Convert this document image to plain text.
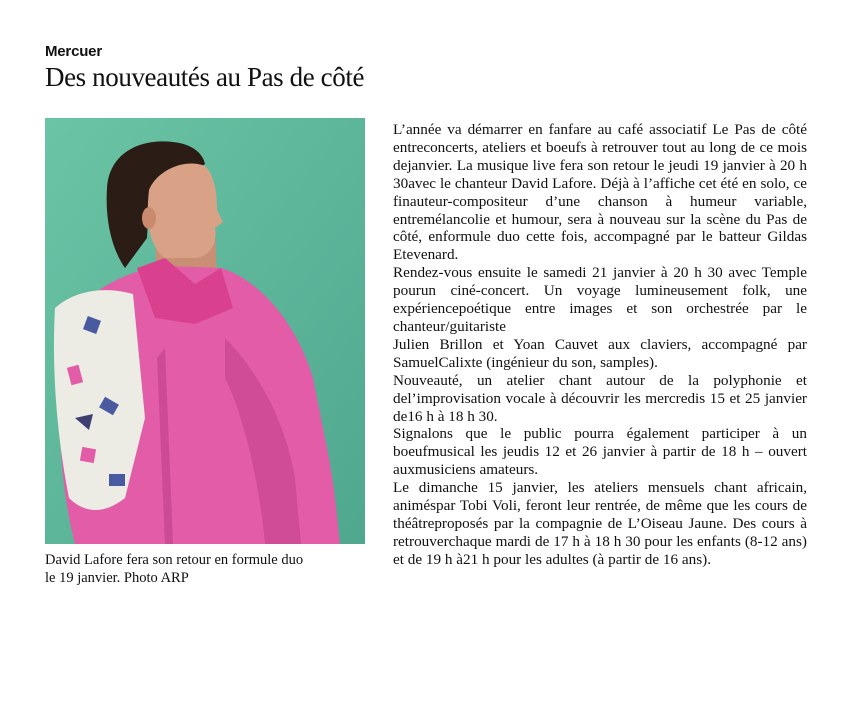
Mercuer
Des nouveautés au Pas de côté
David Lafore fera son retour en formule duo
le 19 janvier. Photo ARP

L’année va démarrer en fanfare au café associatif Le Pas de côté entreconcerts, ateliers et boeufs à retrouver tout au long de ce mois dejanvier. La musique live fera son retour le jeudi 19 janvier à 20 h 30avec le chanteur David Lafore. Déjà à l’affiche cet été en solo, ce finauteur-compositeur d’une chanson à humeur variable, entremélancolie et humour, sera à nouveau sur la scène du Pas de côté, enformule duo cette fois, accompagné par le batteur Gildas Etevenard.

Rendez-vous ensuite le samedi 21 janvier à 20 h 30 avec Temple pourun ciné-concert. Un voyage lumineusement folk, une expériencepoétique entre images et son orchestrée par le chanteur/guitariste

Julien Brillon et Yoan Cauvet aux claviers, accompagné par SamuelCalixte (ingénieur du son, samples).

Nouveauté, un atelier chant autour de la polyphonie et del’improvisation vocale à découvrir les mercredis 15 et 25 janvier de16 h à 18 h 30.

Signalons que le public pourra également participer à un boeufmusical les jeudis 12 et 26 janvier à partir de 18 h – ouvert auxmusiciens amateurs.

Le dimanche 15 janvier, les ateliers mensuels chant africain, animéspar Tobi Voli, feront leur rentrée, de même que les cours de théâtreproposés par la compagnie de L’Oiseau Jaune. Des cours à retrouverchaque mardi de 17 h à 18 h 30 pour les enfants (8-12 ans) et de 19 h à21 h pour les adultes (à partir de 16 ans).
